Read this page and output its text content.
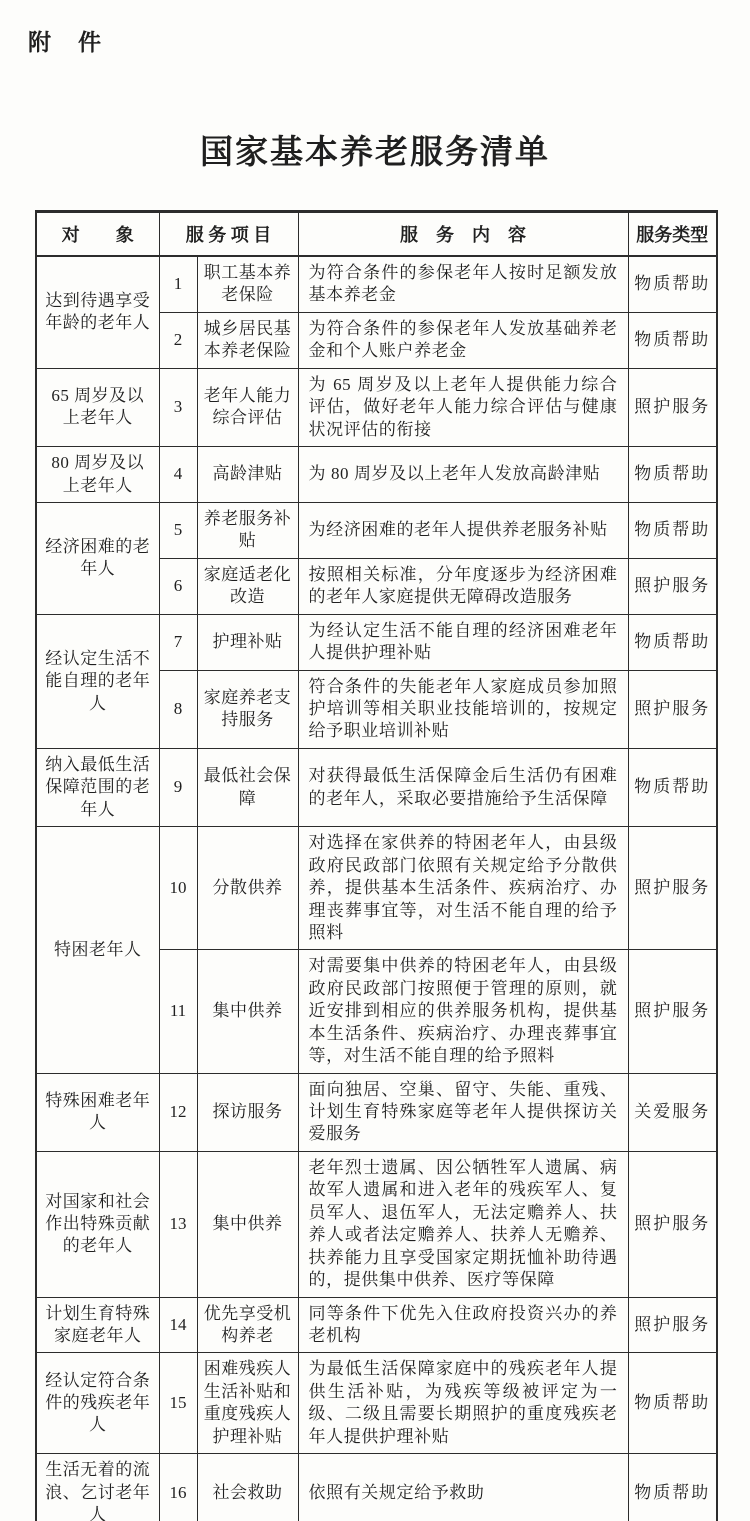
附　件
国家基本养老服务清单
对　　象	服 务 项 目		服　务　内　容	服务类型
达到待遇享受年龄的老年人	1	职工基本养老保险	为符合条件的参保老年人按时足额发放基本养老金	物质帮助
	2	城乡居民基本养老保险	为符合条件的参保老年人发放基础养老金和个人账户养老金	物质帮助
65 周岁及以上老年人	3	老年人能力综合评估	为 65 周岁及以上老年人提供能力综合评估，做好老年人能力综合评估与健康状况评估的衔接	照护服务
80 周岁及以上老年人	4	高龄津贴	为 80 周岁及以上老年人发放高龄津贴	物质帮助
经济困难的老年人	5	养老服务补贴	为经济困难的老年人提供养老服务补贴	物质帮助
	6	家庭适老化改造	按照相关标准，分年度逐步为经济困难的老年人家庭提供无障碍改造服务	照护服务
经认定生活不能自理的老年人	7	护理补贴	为经认定生活不能自理的经济困难老年人提供护理补贴	物质帮助
	8	家庭养老支持服务	符合条件的失能老年人家庭成员参加照护培训等相关职业技能培训的，按规定给予职业培训补贴	照护服务
纳入最低生活保障范围的老年人	9	最低社会保障	对获得最低生活保障金后生活仍有困难的老年人，采取必要措施给予生活保障	物质帮助
特困老年人	10	分散供养	对选择在家供养的特困老年人，由县级政府民政部门依照有关规定给予分散供养，提供基本生活条件、疾病治疗、办理丧葬事宜等，对生活不能自理的给予照料	照护服务
	11	集中供养	对需要集中供养的特困老年人，由县级政府民政部门按照便于管理的原则，就近安排到相应的供养服务机构，提供基本生活条件、疾病治疗、办理丧葬事宜等，对生活不能自理的给予照料	照护服务
特殊困难老年人	12	探访服务	面向独居、空巢、留守、失能、重残、计划生育特殊家庭等老年人提供探访关爱服务	关爱服务
对国家和社会作出特殊贡献的老年人	13	集中供养	老年烈士遗属、因公牺牲军人遗属、病故军人遗属和进入老年的残疾军人、复员军人、退伍军人，无法定赡养人、扶养人或者法定赡养人、扶养人无赡养、扶养能力且享受国家定期抚恤补助待遇的，提供集中供养、医疗等保障	照护服务
计划生育特殊家庭老年人	14	优先享受机构养老	同等条件下优先入住政府投资兴办的养老机构	照护服务
经认定符合条件的残疾老年人	15	困难残疾人生活补贴和重度残疾人护理补贴	为最低生活保障家庭中的残疾老年人提供生活补贴，为残疾等级被评定为一级、二级且需要长期照护的重度残疾老年人提供护理补贴	物质帮助
生活无着的流浪、乞讨老年人	16	社会救助	依照有关规定给予救助	物质帮助
